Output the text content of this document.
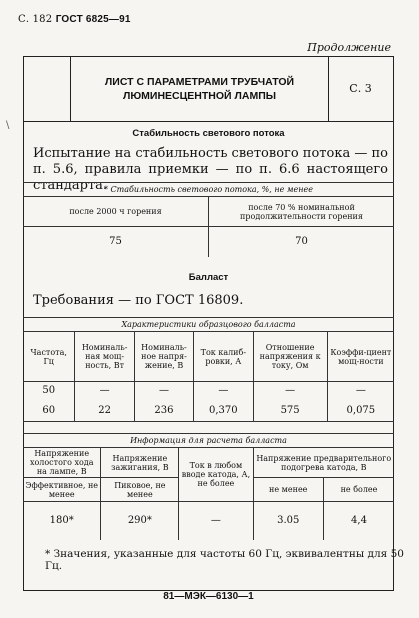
С. 182 ГОСТ 6825—91
Продолжение
\
ЛИСТ С ПАРАМЕТРАМИ ТРУБЧАТОЙ
ЛЮМИНЕСЦЕНТНОЙ ЛАМПЫ
С. 3
Стабильность светового потока
Испытание на стабильность светового потока — по п. 5.6, правила приемки — по п. 6.6 настоящего стандарта.
* Стабильность светового потока, %, не менее	
после 2000 ч горения	после 70 % номинальной продолжительности горения
75	70
Балласт
Требования — по ГОСТ 16809.
Характеристики образцового балласта					
Частота, Гц	Номиналь-ная мощ-ность, Вт	Номиналь-ное напря-жение, В	Ток калиб-ровки, А	Отношение напряжения к току, Ом	Коэффи-циент мощ-ности
50	—	—	—	—	—
60	22	236	0,370	575	0,075
Информация для расчета балласта				
Напряжение холостого хода на лампе, В	Напряжение зажигания, В	Ток в любом вводе катода, А, не более	Напряжение предварительного подогрева катода, В	
Эффективное, не менее	Пиковое, не менее		не менее	не более
180*	290*	—	3.05	4,4
* Значения, указанные для частоты 60 Гц, эквивалентны для 50 Гц.
81—МЭК—6130—1
